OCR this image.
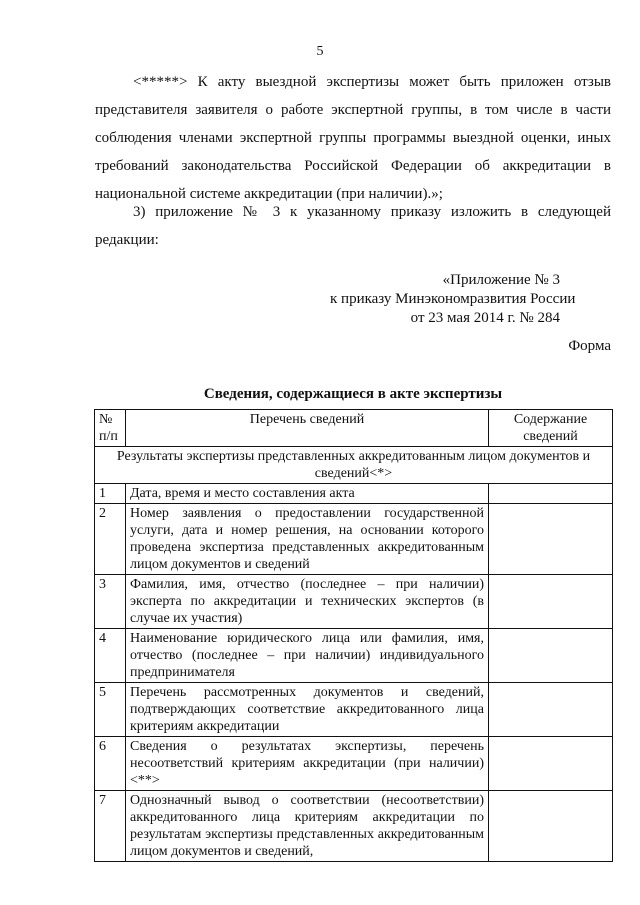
5

<*****> К акту выездной экспертизы может быть приложен отзыв представителя заявителя о работе экспертной группы, в том числе в части соблюдения членами экспертной группы программы выездной оценки, иных требований законодательства Российской Федерации об аккредитации в национальной системе аккредитации (при наличии).»;

3) приложение № 3 к указанному приказу изложить в следующей редакции:

«Приложение № 3
к приказу Минэкономразвития России
от 23 мая 2014 г. № 284
Форма
Сведения, содержащиеся в акте экспертизы
№ п/п	Перечень сведений	Содержание сведений
Результаты экспертизы представленных аккредитованным лицом документов и сведений<*>		
1	Дата, время и место составления акта	
2	Номер заявления о предоставлении государственной услуги, дата и номер решения, на основании которого проведена экспертиза представленных аккредитованным лицом документов и сведений	
3	Фамилия, имя, отчество (последнее – при наличии) эксперта по аккредитации и технических экспертов (в случае их участия)	
4	Наименование юридического лица или фамилия, имя, отчество (последнее – при наличии) индивидуального предпринимателя	
5	Перечень рассмотренных документов и сведений, подтверждающих соответствие аккредитованного лица критериям аккредитации	
6	Сведения о результатах экспертизы, перечень несоответствий критериям аккредитации (при наличии) <**>	
7	Однозначный вывод о соответствии (несоответствии) аккредитованного лица критериям аккредитации по результатам экспертизы представленных аккредитованным лицом документов и сведений,	
